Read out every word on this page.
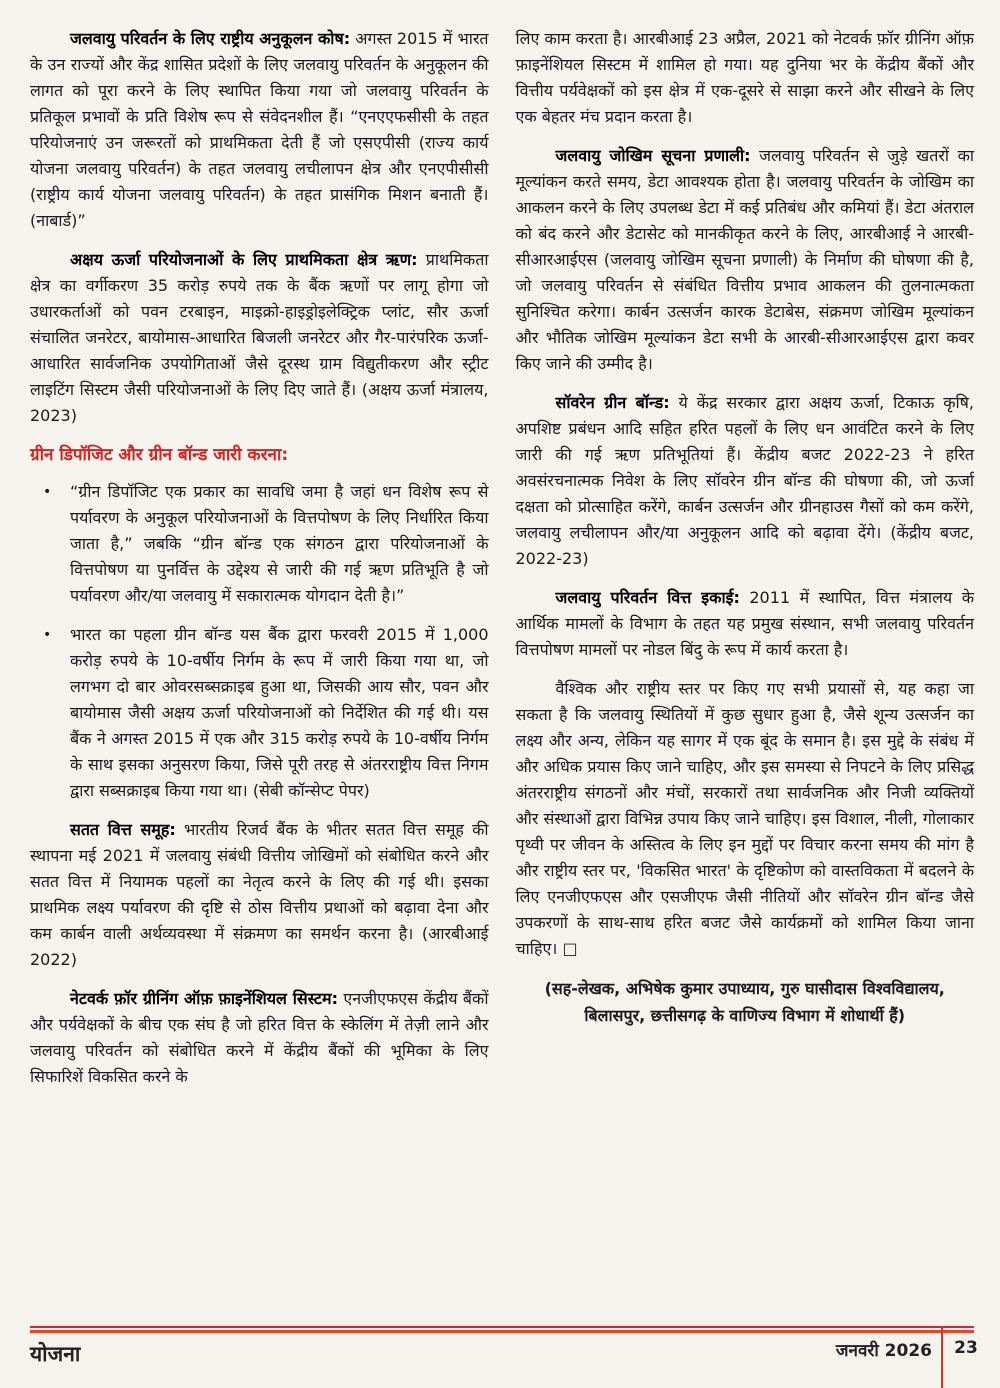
जलवायु परिवर्तन के लिए राष्ट्रीय अनुकूलन कोष: अगस्त 2015 में भारत के उन राज्यों और केंद्र शासित प्रदेशों के लिए जलवायु परिवर्तन के अनुकूलन की लागत को पूरा करने के लिए स्थापित किया गया जो जलवायु परिवर्तन के प्रतिकूल प्रभावों के प्रति विशेष रूप से संवेदनशील हैं। “एनएएफसीसी के तहत परियोजनाएं उन जरूरतों को प्राथमिकता देती हैं जो एसएपीसी (राज्य कार्य योजना जलवायु परिवर्तन) के तहत जलवायु लचीलापन क्षेत्र और एनएपीसीसी (राष्ट्रीय कार्य योजना जलवायु परिवर्तन) के तहत प्रासंगिक मिशन बनाती हैं। (नाबार्ड)”

अक्षय ऊर्जा परियोजनाओं के लिए प्राथमिकता क्षेत्र ऋण: प्राथमिकता क्षेत्र का वर्गीकरण 35 करोड़ रुपये तक के बैंक ऋणों पर लागू होगा जो उधारकर्ताओं को पवन टरबाइन, माइक्रो-हाइड्रोइलेक्ट्रिक प्लांट, सौर ऊर्जा संचालित जनरेटर, बायोमास-आधारित बिजली जनरेटर और गैर-पारंपरिक ऊर्जा-आधारित सार्वजनिक उपयोगिताओं जैसे दूरस्थ ग्राम विद्युतीकरण और स्ट्रीट लाइटिंग सिस्टम जैसी परियोजनाओं के लिए दिए जाते हैं। (अक्षय ऊर्जा मंत्रालय, 2023)

ग्रीन डिपॉजिट और ग्रीन बॉन्ड जारी करना:
•	“ग्रीन डिपॉजिट एक प्रकार का सावधि जमा है जहां धन विशेष रूप से पर्यावरण के अनुकूल परियोजनाओं के वित्तपोषण के लिए निर्धारित किया जाता है,” जबकि “ग्रीन बॉन्ड एक संगठन द्वारा परियोजनाओं के वित्तपोषण या पुनर्वित्त के उद्देश्य से जारी की गई ऋण प्रतिभूति है जो पर्यावरण और/या जलवायु में सकारात्मक योगदान देती है।”
•	भारत का पहला ग्रीन बॉन्ड यस बैंक द्वारा फरवरी 2015 में 1,000 करोड़ रुपये के 10-वर्षीय निर्गम के रूप में जारी किया गया था, जो लगभग दो बार ओवरसब्सक्राइब हुआ था, जिसकी आय सौर, पवन और बायोमास जैसी अक्षय ऊर्जा परियोजनाओं को निर्देशित की गई थी। यस बैंक ने अगस्त 2015 में एक और 315 करोड़ रुपये के 10-वर्षीय निर्गम के साथ इसका अनुसरण किया, जिसे पूरी तरह से अंतरराष्ट्रीय वित्त निगम द्वारा सब्सक्राइब किया गया था। (सेबी कॉन्सेप्ट पेपर)

सतत वित्त समूह: भारतीय रिजर्व बैंक के भीतर सतत वित्त समूह की स्थापना मई 2021 में जलवायु संबंधी वित्तीय जोखिमों को संबोधित करने और सतत वित्त में नियामक पहलों का नेतृत्व करने के लिए की गई थी। इसका प्राथमिक लक्ष्य पर्यावरण की दृष्टि से ठोस वित्तीय प्रथाओं को बढ़ावा देना और कम कार्बन वाली अर्थव्यवस्था में संक्रमण का समर्थन करना है। (आरबीआई 2022)

नेटवर्क फ़ॉर ग्रीनिंग ऑफ़ फ़ाइनेंशियल सिस्टम: एनजीएफएस केंद्रीय बैंकों और पर्यवेक्षकों के बीच एक संघ है जो हरित वित्त के स्केलिंग में तेज़ी लाने और जलवायु परिवर्तन को संबोधित करने में केंद्रीय बैंकों की भूमिका के लिए सिफारिशें विकसित करने के

लिए काम करता है। आरबीआई 23 अप्रैल, 2021 को नेटवर्क फ़ॉर ग्रीनिंग ऑफ़ फ़ाइनेंशियल सिस्टम में शामिल हो गया। यह दुनिया भर के केंद्रीय बैंकों और वित्तीय पर्यवेक्षकों को इस क्षेत्र में एक-दूसरे से साझा करने और सीखने के लिए एक बेहतर मंच प्रदान करता है।

जलवायु जोखिम सूचना प्रणाली: जलवायु परिवर्तन से जुड़े खतरों का मूल्यांकन करते समय, डेटा आवश्यक होता है। जलवायु परिवर्तन के जोखिम का आकलन करने के लिए उपलब्ध डेटा में कई प्रतिबंध और कमियां हैं। डेटा अंतराल को बंद करने और डेटासेट को मानकीकृत करने के लिए, आरबीआई ने आरबी-सीआरआईएस (जलवायु जोखिम सूचना प्रणाली) के निर्माण की घोषणा की है, जो जलवायु परिवर्तन से संबंधित वित्तीय प्रभाव आकलन की तुलनात्मकता सुनिश्चित करेगा। कार्बन उत्सर्जन कारक डेटाबेस, संक्रमण जोखिम मूल्यांकन और भौतिक जोखिम मूल्यांकन डेटा सभी के आरबी-सीआरआईएस द्वारा कवर किए जाने की उम्मीद है।

सॉवरेन ग्रीन बॉन्ड: ये केंद्र सरकार द्वारा अक्षय ऊर्जा, टिकाऊ कृषि, अपशिष्ट प्रबंधन आदि सहित हरित पहलों के लिए धन आवंटित करने के लिए जारी की गई ऋण प्रतिभूतियां हैं। केंद्रीय बजट 2022-23 ने हरित अवसंरचनात्मक निवेश के लिए सॉवरेन ग्रीन बॉन्ड की घोषणा की, जो ऊर्जा दक्षता को प्रोत्साहित करेंगे, कार्बन उत्सर्जन और ग्रीनहाउस गैसों को कम करेंगे, जलवायु लचीलापन और/या अनुकूलन आदि को बढ़ावा देंगे। (केंद्रीय बजट, 2022-23)

जलवायु परिवर्तन वित्त इकाई: 2011 में स्थापित, वित्त मंत्रालय के आर्थिक मामलों के विभाग के तहत यह प्रमुख संस्थान, सभी जलवायु परिवर्तन वित्तपोषण मामलों पर नोडल बिंदु के रूप में कार्य करता है।

वैश्विक और राष्ट्रीय स्तर पर किए गए सभी प्रयासों से, यह कहा जा सकता है कि जलवायु स्थितियों में कुछ सुधार हुआ है, जैसे शून्य उत्सर्जन का लक्ष्य और अन्य, लेकिन यह सागर में एक बूंद के समान है। इस मुद्दे के संबंध में और अधिक प्रयास किए जाने चाहिए, और इस समस्या से निपटने के लिए प्रसिद्ध अंतरराष्ट्रीय संगठनों और मंचों, सरकारों तथा सार्वजनिक और निजी व्यक्तियों और संस्थाओं द्वारा विभिन्न उपाय किए जाने चाहिए। इस विशाल, नीली, गोलाकार पृथ्वी पर जीवन के अस्तित्व के लिए इन मुद्दों पर विचार करना समय की मांग है और राष्ट्रीय स्तर पर, 'विकसित भारत' के दृष्टिकोण को वास्तविकता में बदलने के लिए एनजीएफएस और एसजीएफ जैसी नीतियों और सॉवरेन ग्रीन बॉन्ड जैसे उपकरणों के साथ-साथ हरित बजट जैसे कार्यक्रमों को शामिल किया जाना चाहिए। □

(सह-लेखक, अभिषेक कुमार उपाध्याय, गुरु घासीदास विश्वविद्यालय, बिलासपुर, छत्तीसगढ़ के वाणिज्य विभाग में शोधार्थी हैं)

योजना	जनवरी 2026	23
